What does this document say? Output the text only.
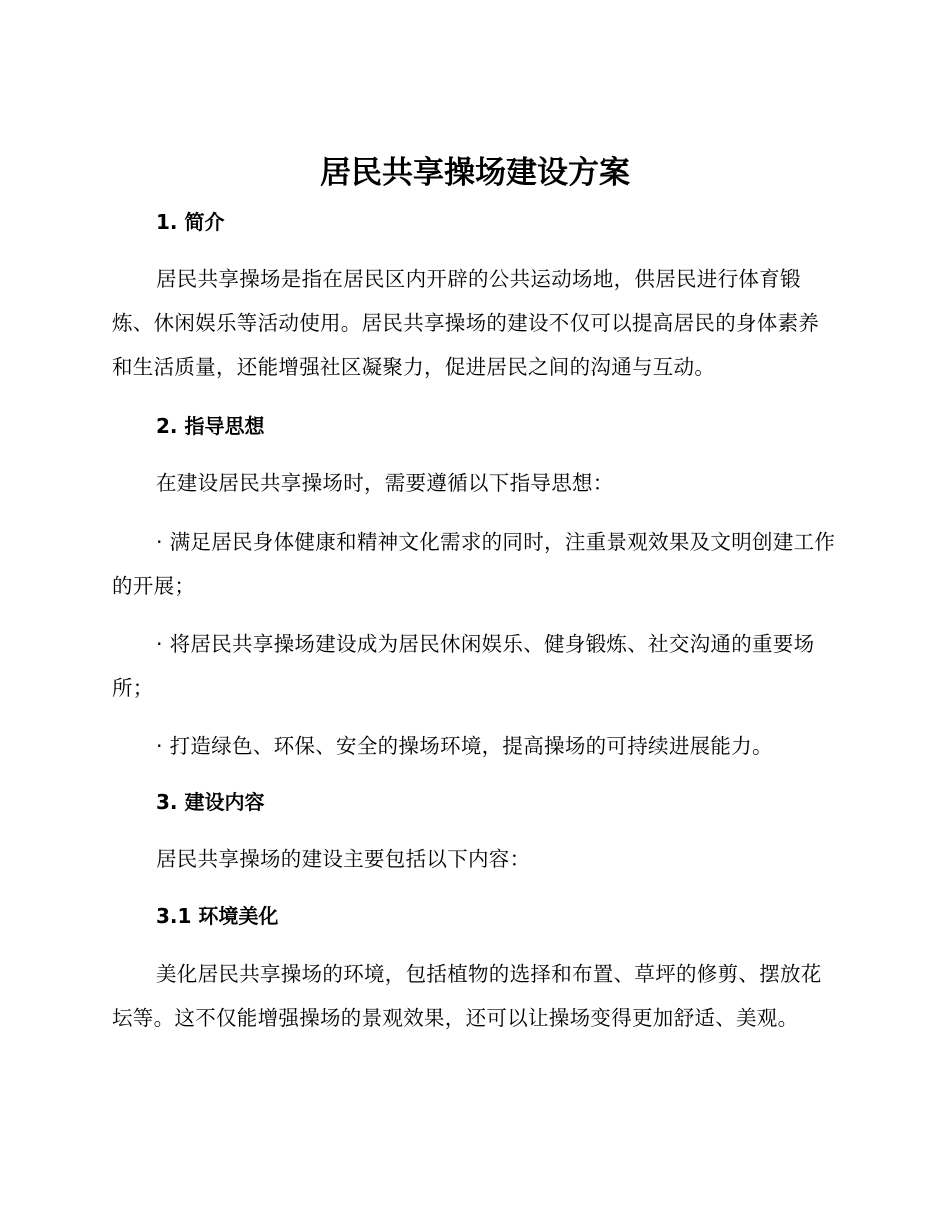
居民共享操场建设方案
1. 简介

居民共享操场是指在居民区内开辟的公共运动场地，供居民进行体育锻炼、休闲娱乐等活动使用。居民共享操场的建设不仅可以提高居民的身体素养和生活质量，还能增强社区凝聚力，促进居民之间的沟通与互动。

2. 指导思想

在建设居民共享操场时，需要遵循以下指导思想：

· 满足居民身体健康和精神文化需求的同时，注重景观效果及文明创建工作的开展；

· 将居民共享操场建设成为居民休闲娱乐、健身锻炼、社交沟通的重要场所；

· 打造绿色、环保、安全的操场环境，提高操场的可持续进展能力。

3. 建设内容

居民共享操场的建设主要包括以下内容：

3.1 环境美化

美化居民共享操场的环境，包括植物的选择和布置、草坪的修剪、摆放花坛等。这不仅能增强操场的景观效果，还可以让操场变得更加舒适、美观。
